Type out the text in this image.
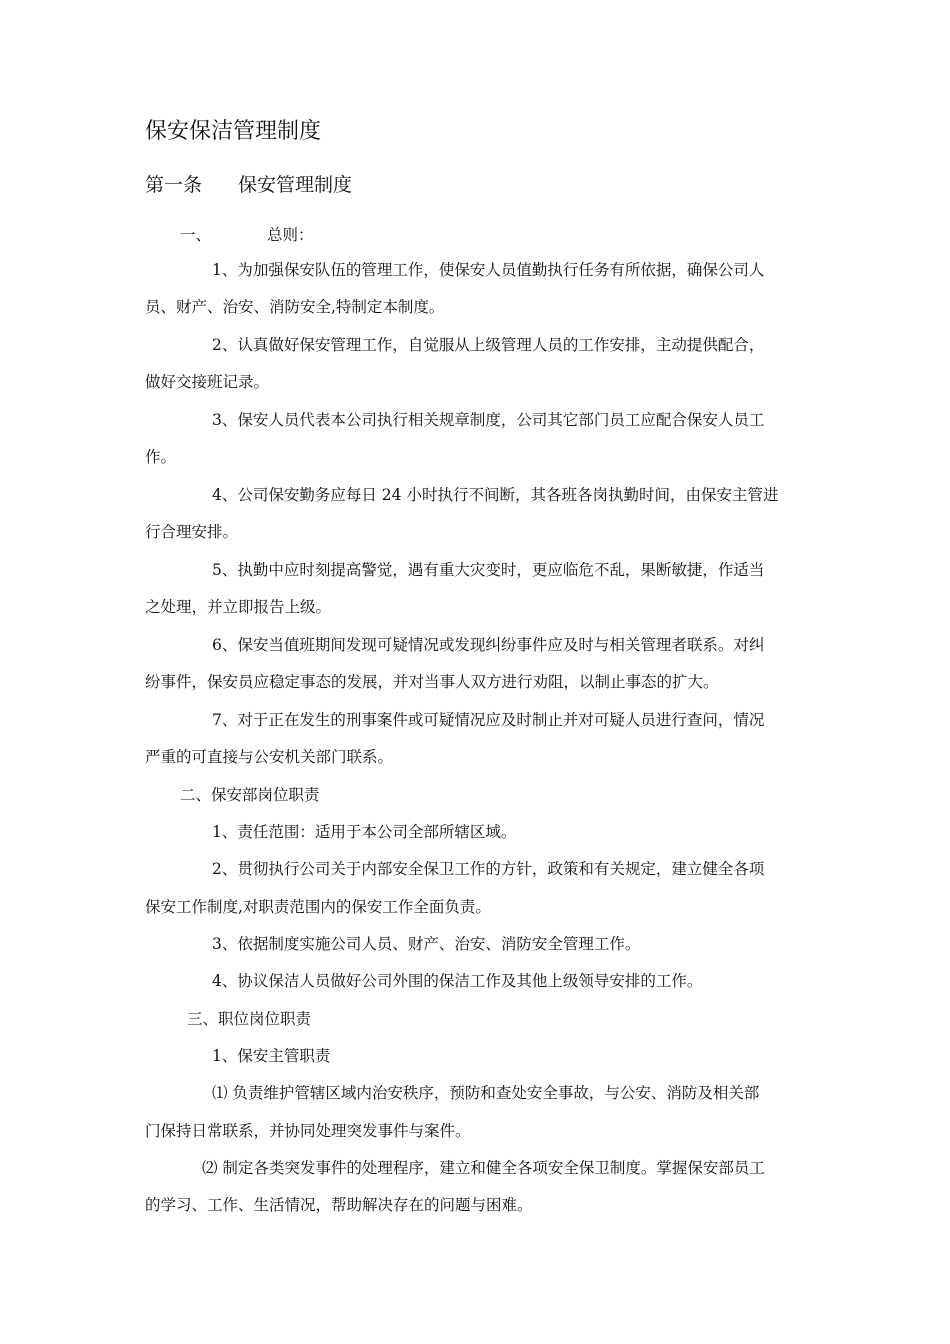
保安保洁管理制度
第一条 保安管理制度
一、	总则：
1、为加强保安队伍的管理工作，使保安人员值勤执行任务有所依据，确保公司人
员、财产、治安、消防安全,特制定本制度。
2、认真做好保安管理工作，自觉服从上级管理人员的工作安排，主动提供配合，
做好交接班记录。
3、保安人员代表本公司执行相关规章制度，公司其它部门员工应配合保安人员工
作。
4、公司保安勤务应每日 24 小时执行不间断，其各班各岗执勤时间，由保安主管进
行合理安排。
5、执勤中应时刻提高警觉，遇有重大灾变时，更应临危不乱，果断敏捷，作适当
之处理，并立即报告上级。
6、保安当值班期间发现可疑情况或发现纠纷事件应及时与相关管理者联系。对纠
纷事件，保安员应稳定事态的发展，并对当事人双方进行劝阻，以制止事态的扩大。
7、对于正在发生的刑事案件或可疑情况应及时制止并对可疑人员进行查问，情况
严重的可直接与公安机关部门联系。
二、保安部岗位职责
1、责任范围：适用于本公司全部所辖区域。
2、贯彻执行公司关于内部安全保卫工作的方针，政策和有关规定，建立健全各项
保安工作制度,对职责范围内的保安工作全面负责。
3、依据制度实施公司人员、财产、治安、消防安全管理工作。
4、协议保洁人员做好公司外围的保洁工作及其他上级领导安排的工作。
三、职位岗位职责
1、保安主管职责
⑴ 负责维护管辖区域内治安秩序，预防和查处安全事故，与公安、消防及相关部
门保持日常联系，并协同处理突发事件与案件。
⑵ 制定各类突发事件的处理程序，建立和健全各项安全保卫制度。掌握保安部员工
的学习、工作、生活情况，帮助解决存在的问题与困难。
